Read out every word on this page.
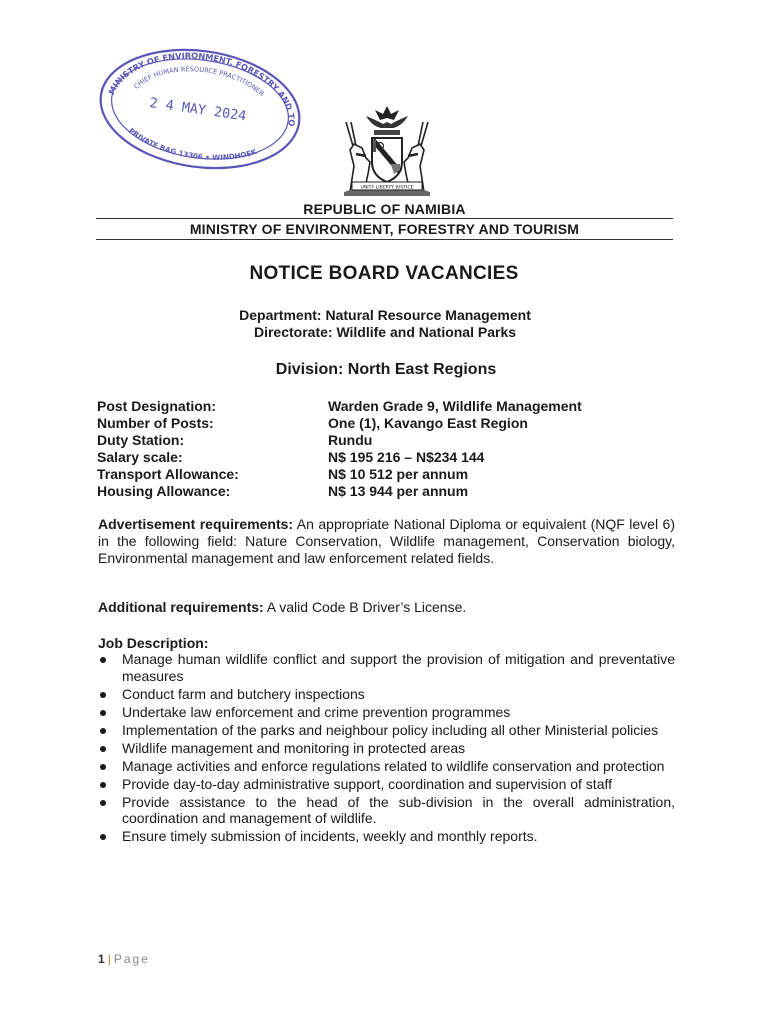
MINISTRY OF ENVIRONMENT, FORESTRY AND TOURISM - DAFHR
CHIEF HUMAN RESOURCE PRACTITIONER
2 4 MAY 2024
PRIVATE BAG 13306 • WINDHOEK
UNITY LIBERTY JUSTICE
REPUBLIC OF NAMIBIA
MINISTRY OF ENVIRONMENT, FORESTRY AND TOURISM
NOTICE BOARD VACANCIES
Department: Natural Resource Management
Directorate: Wildlife and National Parks
Division: North East Regions
Post Designation:	Warden Grade 9, Wildlife Management
Number of Posts:	One (1), Kavango East Region
Duty Station:	Rundu
Salary scale:	N$ 195 216 – N$234 144
Transport Allowance:	N$ 10 512 per annum
Housing Allowance:	N$ 13 944 per annum
Advertisement requirements: An appropriate National Diploma or equivalent (NQF level 6) in the following field: Nature Conservation, Wildlife management, Conservation biology, Environmental management and law enforcement related fields.
Additional requirements: A valid Code B Driver’s License.
Job Description:
Manage human wildlife conflict and support the provision of mitigation and preventative measures
Conduct farm and butchery inspections
Undertake law enforcement and crime prevention programmes
Implementation of the parks and neighbour policy including all other Ministerial policies
Wildlife management and monitoring in protected areas
Manage activities and enforce regulations related to wildlife conservation and protection
Provide day-to-day administrative support, coordination and supervision of staff
Provide assistance to the head of the sub-division in the overall administration, coordination and management of wildlife.
Ensure timely submission of incidents, weekly and monthly reports.
1 | Page
